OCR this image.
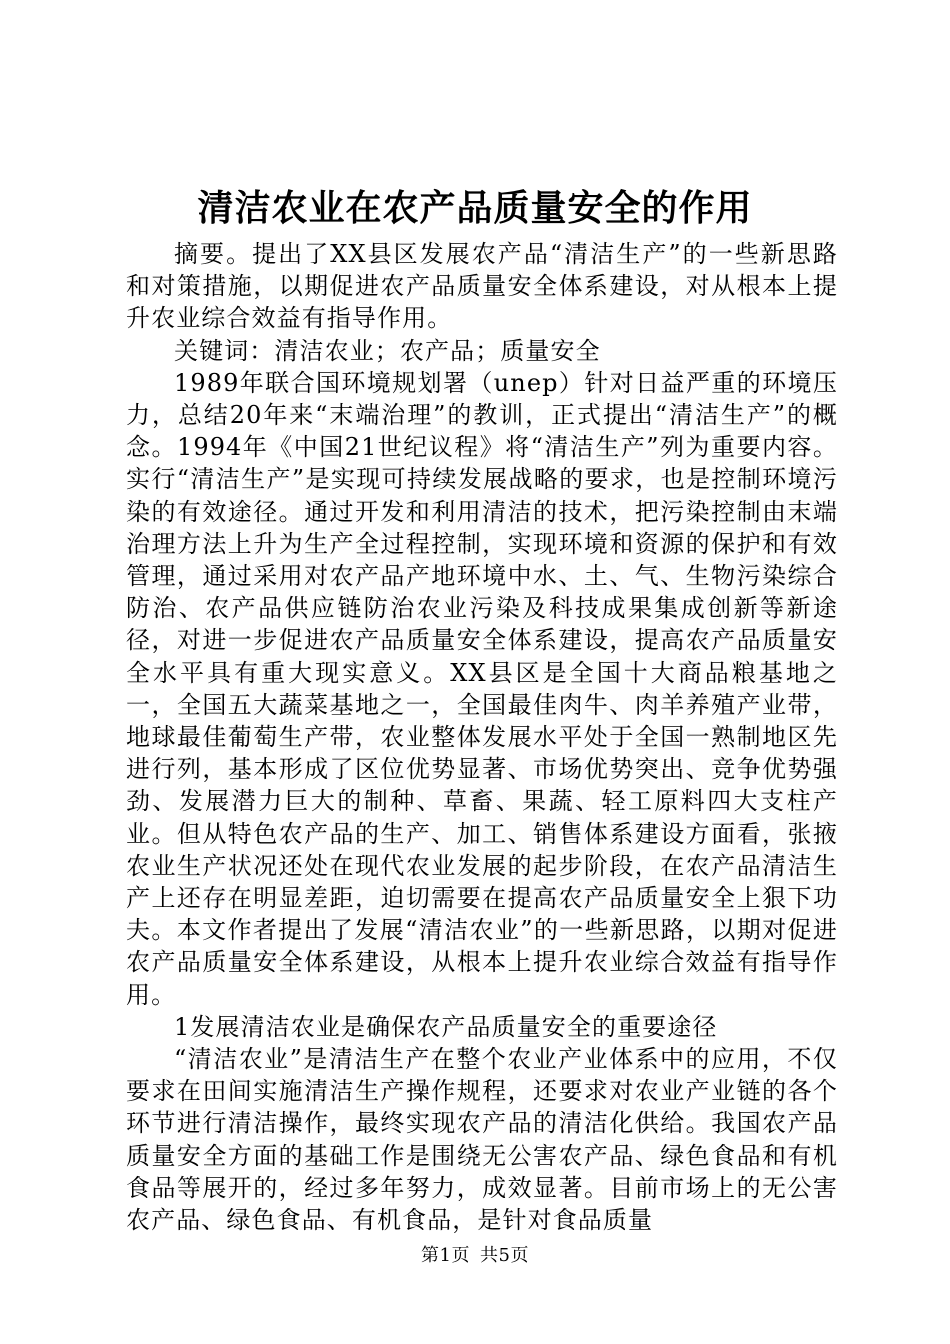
清洁农业在农产品质量安全的作用

摘要。提出了XX县区发展农产品“清洁生产”的一些新思路和对策措施，以期促进农产品质量安全体系建设，对从根本上提升农业综合效益有指导作用。

关键词：清洁农业；农产品；质量安全

1989年联合国环境规划署（unep）针对日益严重的环境压力，总结20年来“末端治理”的教训，正式提出“清洁生产”的概念。1994年《中国21世纪议程》将“清洁生产”列为重要内容。实行“清洁生产”是实现可持续发展战略的要求，也是控制环境污染的有效途径。通过开发和利用清洁的技术，把污染控制由末端治理方法上升为生产全过程控制，实现环境和资源的保护和有效管理，通过采用对农产品产地环境中水、土、气、生物污染综合防治、农产品供应链防治农业污染及科技成果集成创新等新途径，对进一步促进农产品质量安全体系建设，提高农产品质量安全水平具有重大现实意义。XX县区是全国十大商品粮基地之一，全国五大蔬菜基地之一，全国最佳肉牛、肉羊养殖产业带，地球最佳葡萄生产带，农业整体发展水平处于全国一熟制地区先进行列，基本形成了区位优势显著、市场优势突出、竞争优势强劲、发展潜力巨大的制种、草畜、果蔬、轻工原料四大支柱产业。但从特色农产品的生产、加工、销售体系建设方面看，张掖农业生产状况还处在现代农业发展的起步阶段，在农产品清洁生产上还存在明显差距，迫切需要在提高农产品质量安全上狠下功夫。本文作者提出了发展“清洁农业”的一些新思路，以期对促进农产品质量安全体系建设，从根本上提升农业综合效益有指导作用。

1发展清洁农业是确保农产品质量安全的重要途径

“清洁农业”是清洁生产在整个农业产业体系中的应用，不仅要求在田间实施清洁生产操作规程，还要求对农业产业链的各个环节进行清洁操作，最终实现农产品的清洁化供给。我国农产品质量安全方面的基础工作是围绕无公害农产品、绿色食品和有机食品等展开的，经过多年努力，成效显著。目前市场上的无公害农产品、绿色食品、有机食品，是针对食品质量

第1页 共5页
